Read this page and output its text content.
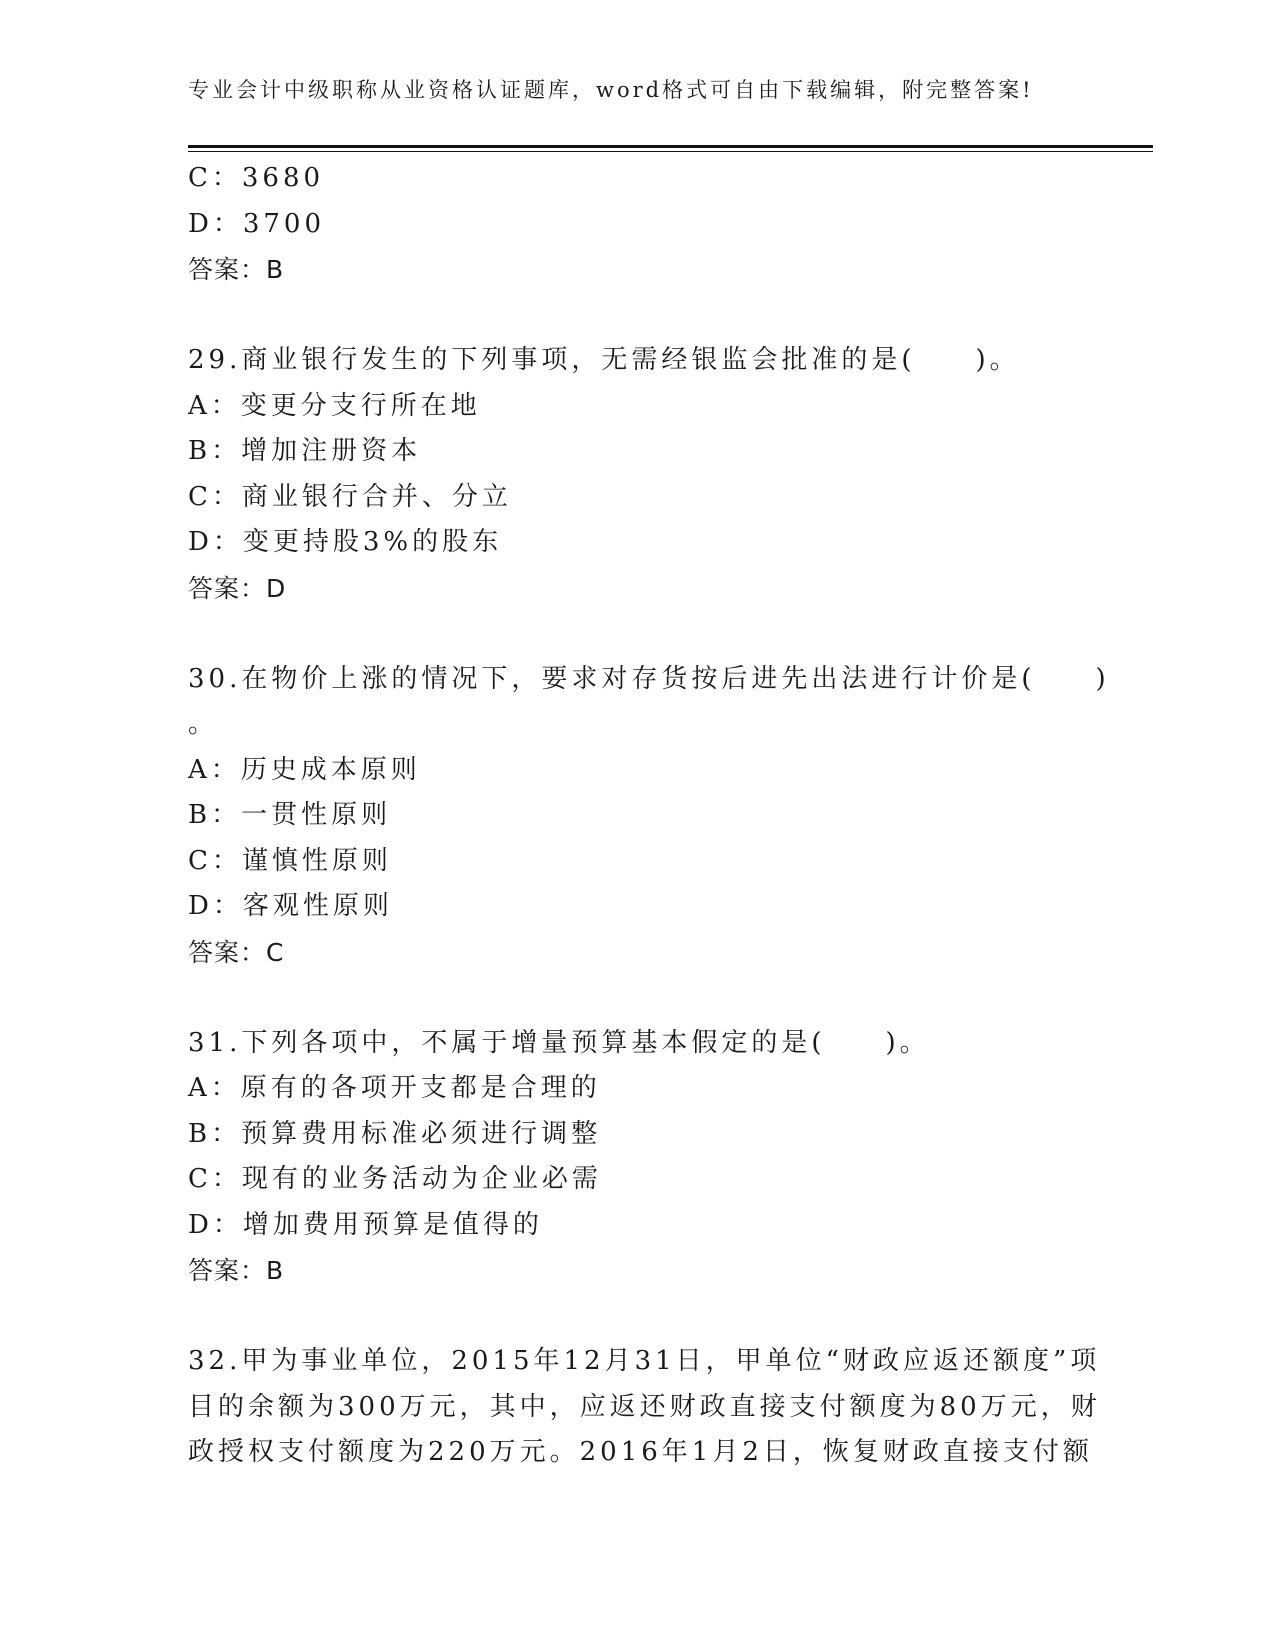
专业会计中级职称从业资格认证题库，word格式可自由下载编辑，附完整答案!
C：3680
D：3700
答案：B
29.商业银行发生的下列事项，无需经银监会批准的是(　　)。
A：变更分支行所在地
B：增加注册资本
C：商业银行合并、分立
D：变更持股3%的股东
答案：D
30.在物价上涨的情况下，要求对存货按后进先出法进行计价是(　　)
。
A：历史成本原则
B：一贯性原则
C：谨慎性原则
D：客观性原则
答案：C
31.下列各项中，不属于增量预算基本假定的是(　　)。
A：原有的各项开支都是合理的
B：预算费用标准必须进行调整
C：现有的业务活动为企业必需
D：增加费用预算是值得的
答案：B
32.甲为事业单位，2015年12月31日，甲单位“财政应返还额度”项
目的余额为300万元，其中，应返还财政直接支付额度为80万元，财
政授权支付额度为220万元。2016年1月2日，恢复财政直接支付额
